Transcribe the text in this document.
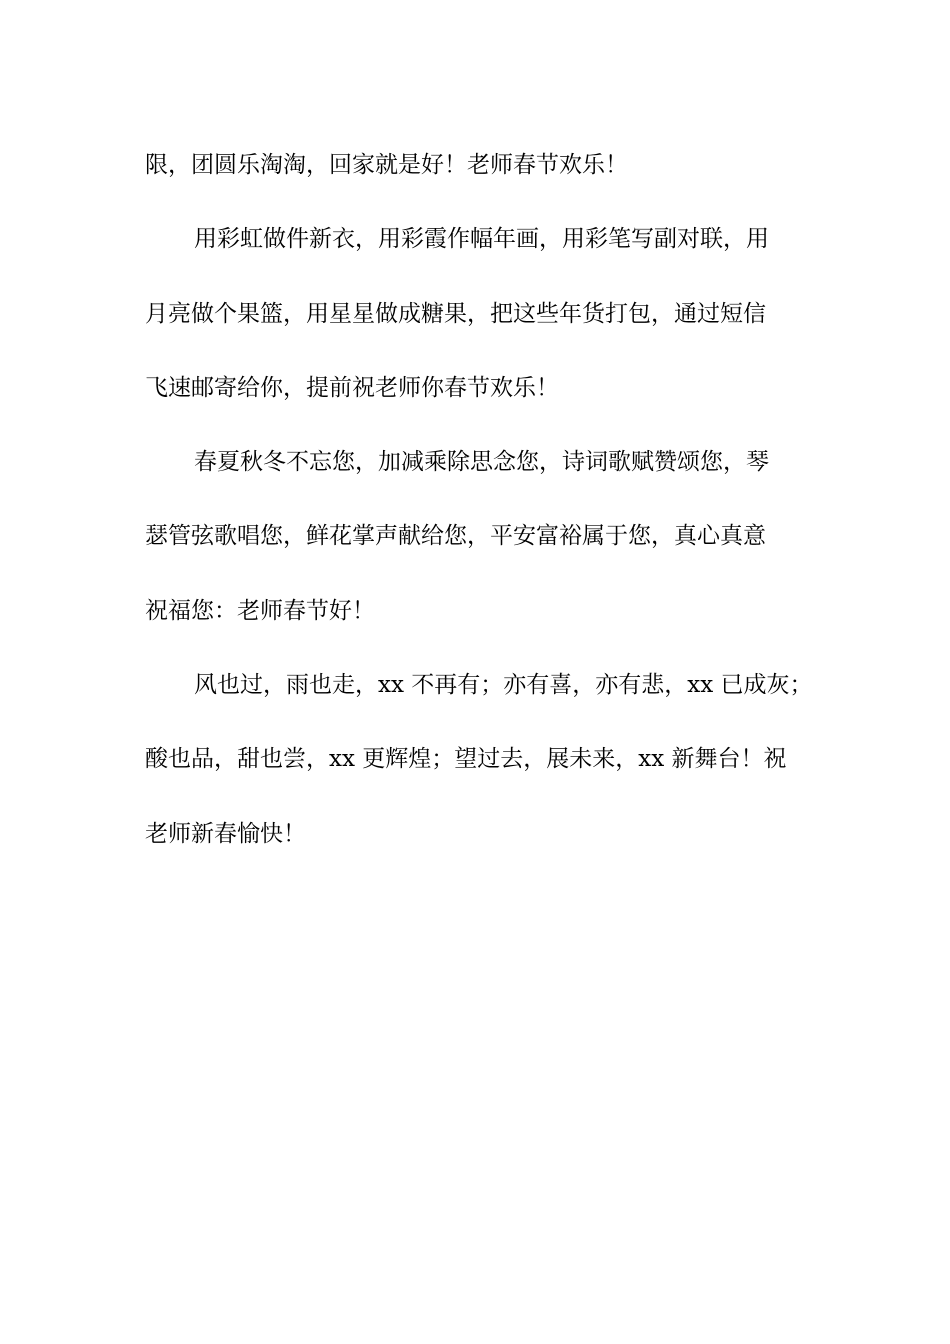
限，团圆乐淘淘，回家就是好！老师春节欢乐！
用彩虹做件新衣，用彩霞作幅年画，用彩笔写副对联，用
月亮做个果篮，用星星做成糖果，把这些年货打包，通过短信
飞速邮寄给你，提前祝老师你春节欢乐！
春夏秋冬不忘您，加减乘除思念您，诗词歌赋赞颂您，琴
瑟管弦歌唱您，鲜花掌声献给您，平安富裕属于您，真心真意
祝福您：老师春节好！
风也过，雨也走，xx 不再有；亦有喜，亦有悲，xx 已成灰；
酸也品，甜也尝，xx 更辉煌；望过去，展未来，xx 新舞台！祝
老师新春愉快！
